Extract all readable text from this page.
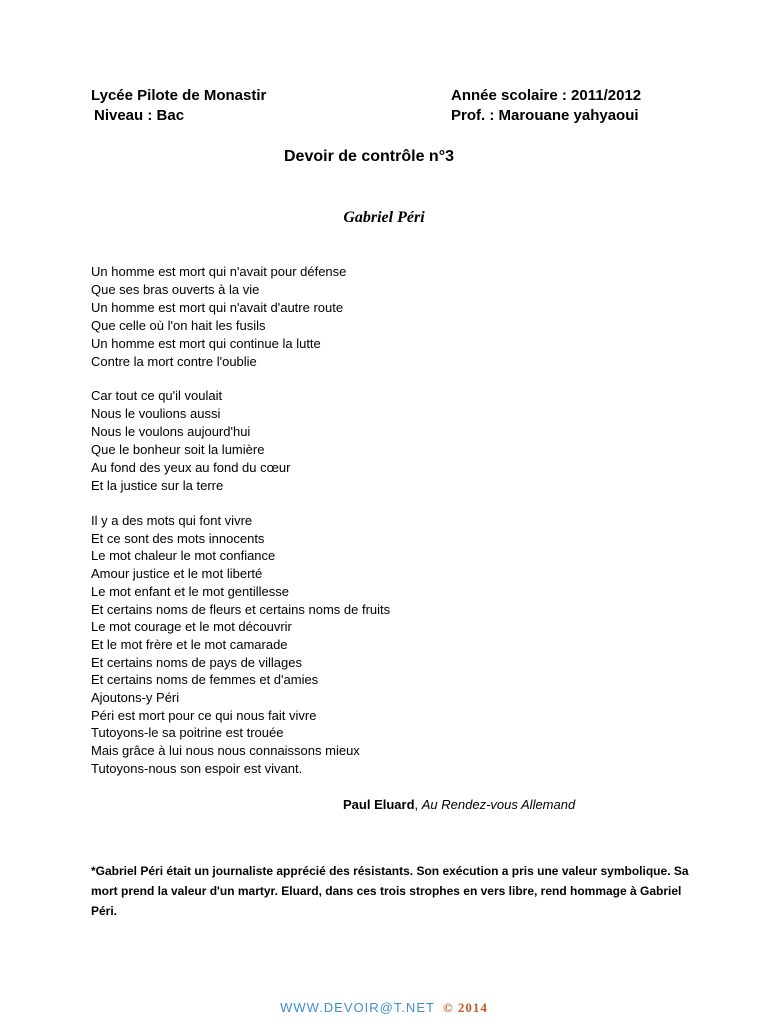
Lycée Pilote de Monastir
Niveau : Bac
Année scolaire : 2011/2012
Prof. : Marouane yahyaoui
Devoir de contrôle n°3
Gabriel Péri
Un homme est mort qui n'avait pour défense
Que ses bras ouverts à la vie
Un homme est mort qui n'avait d'autre route
Que celle où l'on hait les fusils
Un homme est mort qui continue la lutte
Contre la mort contre l'oublie
Car tout ce qu'il voulait
Nous le voulions aussi
Nous le voulons aujourd'hui
Que le bonheur soit la lumière
Au fond des yeux au fond du cœur
Et la justice sur la terre
Il y a des mots qui font vivre
Et ce sont des mots innocents
Le mot chaleur le mot confiance
Amour justice et le mot liberté
Le mot enfant et le mot gentillesse
Et certains noms de fleurs et certains noms de fruits
Le mot courage et le mot découvrir
Et le mot frère et le mot camarade
Et certains noms de pays de villages
Et certains noms de femmes et d'amies
Ajoutons-y Péri
Péri est mort pour ce qui nous fait vivre
Tutoyons-le sa poitrine est trouée
Mais grâce à lui nous nous connaissons mieux
Tutoyons-nous son espoir est vivant.
Paul Eluard, Au Rendez-vous Allemand
*Gabriel Péri était un journaliste apprécié des résistants. Son exécution a pris une valeur symbolique. Sa mort prend la valeur d'un martyr. Eluard, dans ces trois strophes en vers libre, rend hommage à Gabriel Péri.
WWW.DEVOIR@T.NET © 2014
